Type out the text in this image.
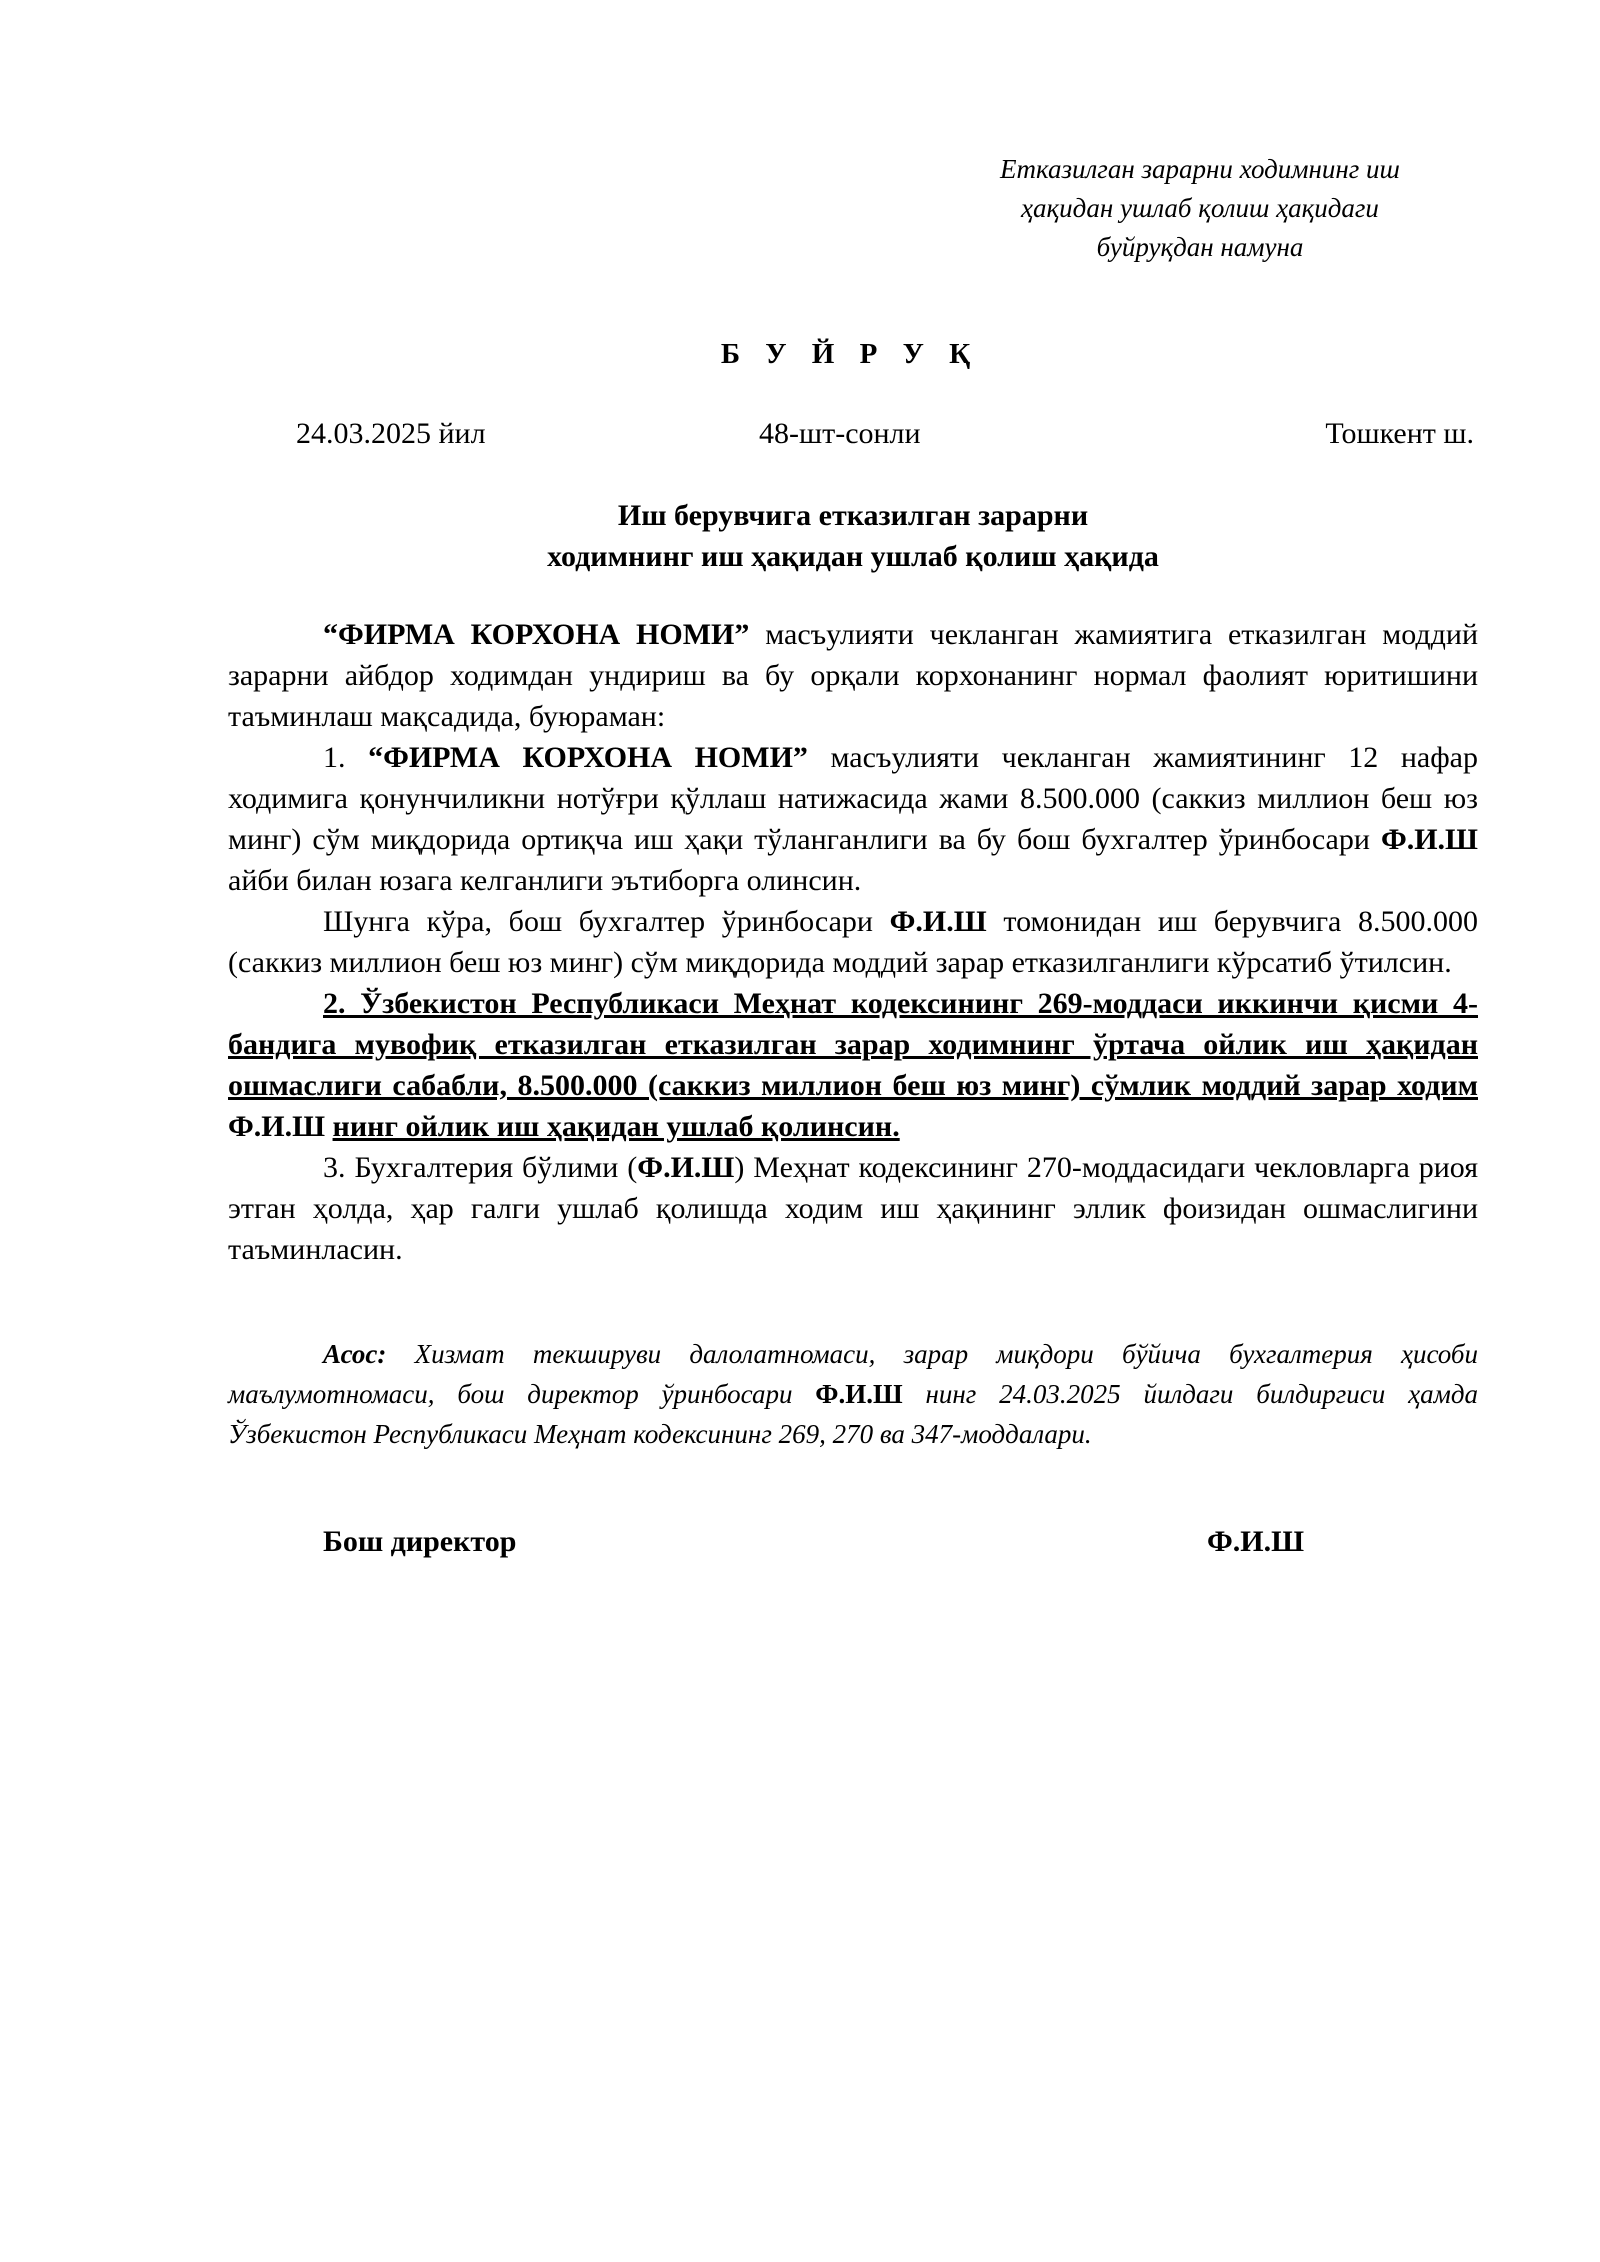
Етказилган зарарни ходимнинг иш
ҳақидан ушлаб қолиш ҳақидаги
буйруқдан намуна
Б У Й Р У Қ
24.03.2025 йил	48-шт-сонли	Тошкент ш.
Иш берувчига етказилган зарарни
ходимнинг иш ҳақидан ушлаб қолиш ҳақида

“ФИРМА КОРХОНА НОМИ” масъулияти чекланган жамиятига етказилган моддий зарарни айбдор ходимдан ундириш ва бу орқали корхонанинг нормал фаолият юритишини таъминлаш мақсадида, буюраман:

1. “ФИРМА КОРХОНА НОМИ” масъулияти чекланган жамиятининг 12 нафар ходимига қонунчиликни нотўғри қўллаш натижасида жами 8.500.000 (саккиз миллион беш юз минг) сўм миқдорида ортиқча иш ҳақи тўланганлиги ва бу бош бухгалтер ўринбосари Ф.И.Ш айби билан юзага келганлиги эътиборга олинсин.

Шунга кўра, бош бухгалтер ўринбосари Ф.И.Ш томонидан иш берувчига 8.500.000 (саккиз миллион беш юз минг) сўм миқдорида моддий зарар етказилганлиги кўрсатиб ўтилсин.

2. Ўзбекистон Республикаси Меҳнат кодексининг 269-моддаси иккинчи қисми 4-бандига мувофиқ етказилган етказилган зарар ходимнинг ўртача ойлик иш ҳақидан ошмаслиги сабабли, 8.500.000 (саккиз миллион беш юз минг) сўмлик моддий зарар ходим Ф.И.Ш нинг ойлик иш ҳақидан ушлаб қолинсин.

3. Бухгалтерия бўлими (Ф.И.Ш) Меҳнат кодексининг 270-моддасидаги чекловларга риоя этган ҳолда, ҳар галги ушлаб қолишда ходим иш ҳақининг эллик фоизидан ошмаслигини таъминласин.

Асос: Хизмат текшируви далолатномаси, зарар миқдори бўйича бухгалтерия ҳисоби маълумотномаси, бош директор ўринбосари Ф.И.Ш нинг 24.03.2025 йилдаги билдиргиси ҳамда Ўзбекистон Республикаси Меҳнат кодексининг 269, 270 ва 347-моддалари.
Бош директор	Ф.И.Ш
